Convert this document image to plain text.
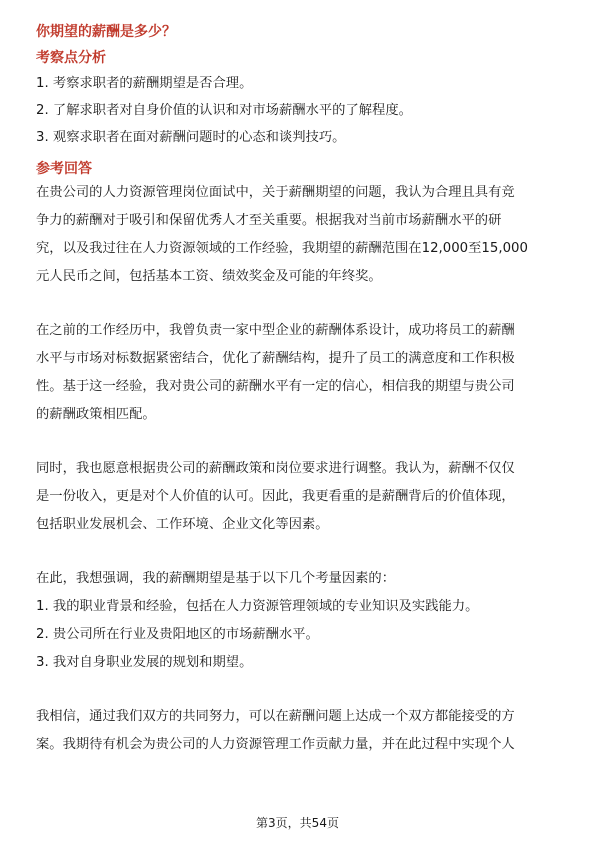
你期望的薪酬是多少？
考察点分析
1. 考察求职者的薪酬期望是否合理。
2. 了解求职者对自身价值的认识和对市场薪酬水平的了解程度。
3. 观察求职者在面对薪酬问题时的心态和谈判技巧。
参考回答
在贵公司的人力资源管理岗位面试中，关于薪酬期望的问题，我认为合理且具有竞
争力的薪酬对于吸引和保留优秀人才至关重要。根据我对当前市场薪酬水平的研
究，以及我过往在人力资源领域的工作经验，我期望的薪酬范围在12,000至15,000
元人民币之间，包括基本工资、绩效奖金及可能的年终奖。
在之前的工作经历中，我曾负责一家中型企业的薪酬体系设计，成功将员工的薪酬
水平与市场对标数据紧密结合，优化了薪酬结构，提升了员工的满意度和工作积极
性。基于这一经验，我对贵公司的薪酬水平有一定的信心，相信我的期望与贵公司
的薪酬政策相匹配。
同时，我也愿意根据贵公司的薪酬政策和岗位要求进行调整。我认为，薪酬不仅仅
是一份收入，更是对个人价值的认可。因此，我更看重的是薪酬背后的价值体现，
包括职业发展机会、工作环境、企业文化等因素。
在此，我想强调，我的薪酬期望是基于以下几个考量因素的：
1. 我的职业背景和经验，包括在人力资源管理领域的专业知识及实践能力。
2. 贵公司所在行业及贵阳地区的市场薪酬水平。
3. 我对自身职业发展的规划和期望。
我相信，通过我们双方的共同努力，可以在薪酬问题上达成一个双方都能接受的方
案。我期待有机会为贵公司的人力资源管理工作贡献力量，并在此过程中实现个人
第3页，共54页
